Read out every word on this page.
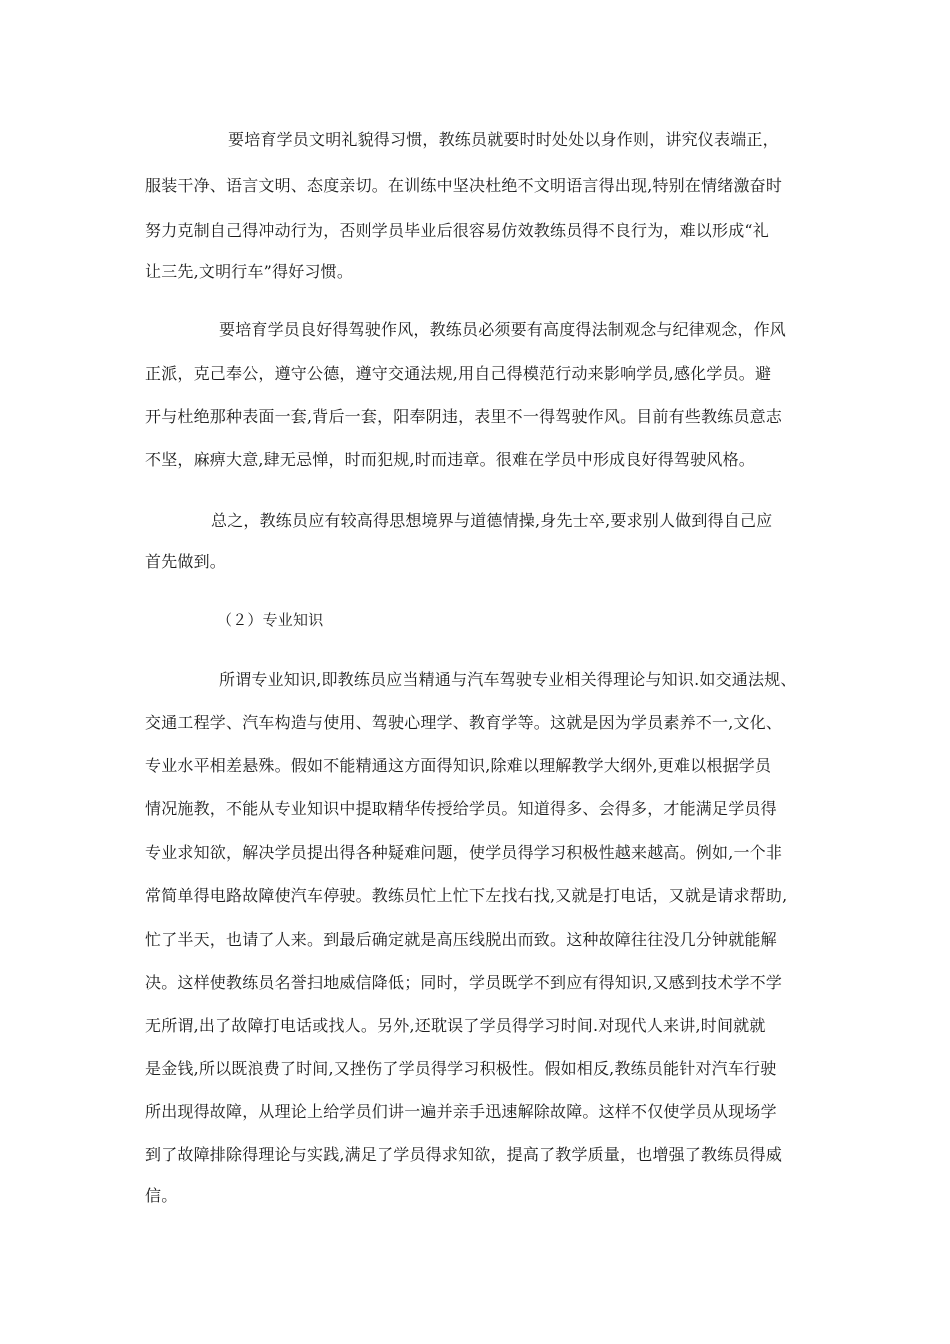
要培育学员文明礼貌得习惯，教练员就要时时处处以身作则，讲究仪表端正，
服装干净、语言文明、态度亲切。在训练中坚决杜绝不文明语言得出现,特别在情绪激奋时
努力克制自己得冲动行为，否则学员毕业后很容易仿效教练员得不良行为，难以形成“礼
让三先,文明行车”得好习惯。
要培育学员良好得驾驶作风，教练员必须要有高度得法制观念与纪律观念，作风
正派，克己奉公，遵守公德，遵守交通法规,用自己得模范行动来影响学员,感化学员。避
开与杜绝那种表面一套,背后一套，阳奉阴违，表里不一得驾驶作风。目前有些教练员意志
不坚，麻痹大意,肆无忌惮，时而犯规,时而违章。很难在学员中形成良好得驾驶风格。
总之，教练员应有较高得思想境界与道德情操,身先士卒,要求别人做到得自己应
首先做到。
（２）专业知识
所谓专业知识,即教练员应当精通与汽车驾驶专业相关得理论与知识.如交通法规、
交通工程学、汽车构造与使用、驾驶心理学、教育学等。这就是因为学员素养不一,文化、
专业水平相差悬殊。假如不能精通这方面得知识,除难以理解教学大纲外,更难以根据学员
情况施教，不能从专业知识中提取精华传授给学员。知道得多、会得多，才能满足学员得
专业求知欲，解决学员提出得各种疑难问题，使学员得学习积极性越来越高。例如,一个非
常简单得电路故障使汽车停驶。教练员忙上忙下左找右找,又就是打电话，又就是请求帮助,
忙了半天，也请了人来。到最后确定就是高压线脱出而致。这种故障往往没几分钟就能解
决。这样使教练员名誉扫地威信降低；同时，学员既学不到应有得知识,又感到技术学不学
无所谓,出了故障打电话或找人。另外,还耽误了学员得学习时间.对现代人来讲,时间就就
是金钱,所以既浪费了时间,又挫伤了学员得学习积极性。假如相反,教练员能针对汽车行驶
所出现得故障，从理论上给学员们讲一遍并亲手迅速解除故障。这样不仅使学员从现场学
到了故障排除得理论与实践,满足了学员得求知欲，提高了教学质量，也增强了教练员得威
信。
